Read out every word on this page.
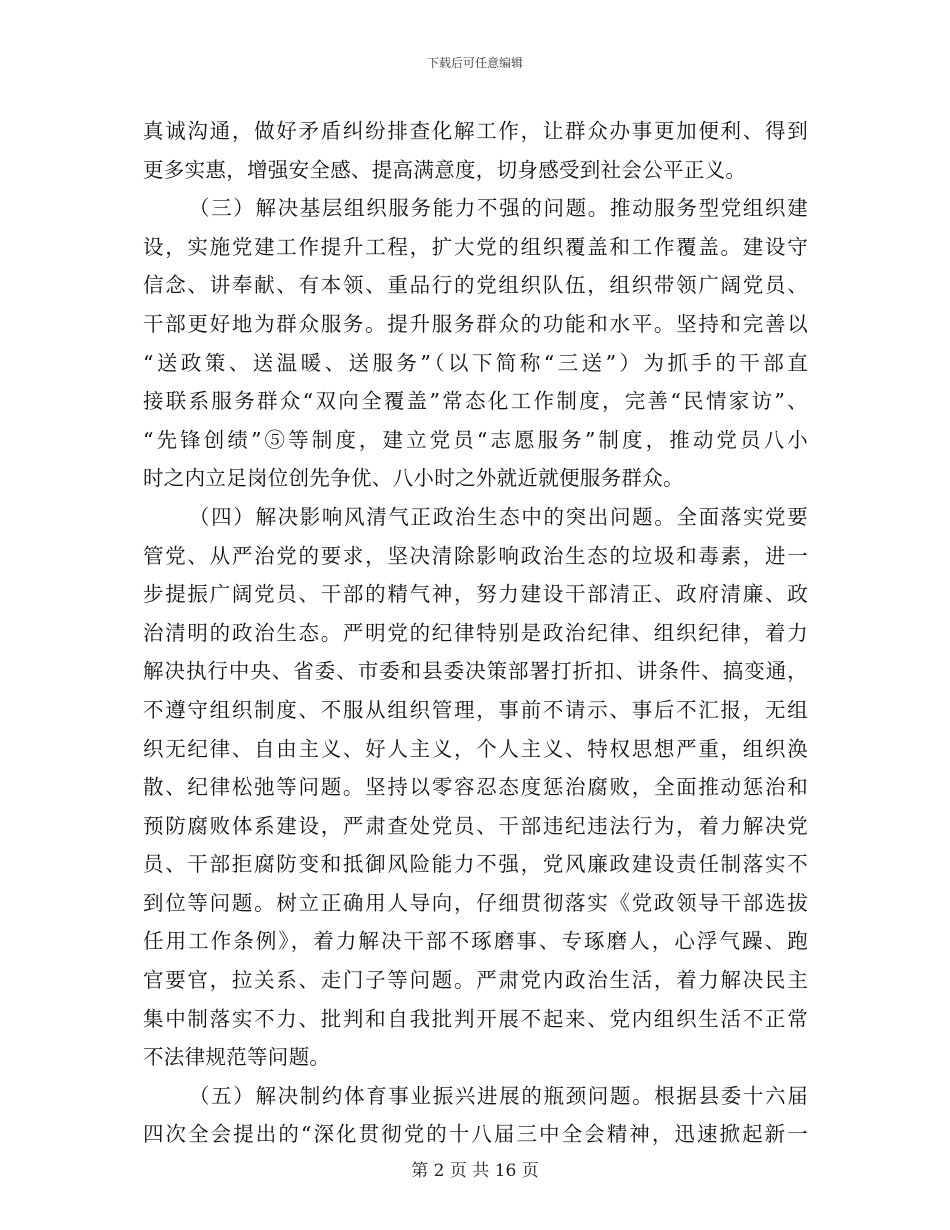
下载后可任意编辑
真诚沟通，做好矛盾纠纷排查化解工作，让群众办事更加便利、得到
更多实惠，增强安全感、提高满意度，切身感受到社会公平正义。
（三）解决基层组织服务能力不强的问题。推动服务型党组织建
设，实施党建工作提升工程，扩大党的组织覆盖和工作覆盖。建设守
信念、讲奉献、有本领、重品行的党组织队伍，组织带领广阔党员、
干部更好地为群众服务。提升服务群众的功能和水平。坚持和完善以
“送政策、送温暖、送服务”（以下简称“三送”）为抓手的干部直
接联系服务群众“双向全覆盖”常态化工作制度，完善“民情家访”、
“先锋创绩”⑤等制度，建立党员“志愿服务”制度，推动党员八小
时之内立足岗位创先争优、八小时之外就近就便服务群众。
（四）解决影响风清气正政治生态中的突出问题。全面落实党要
管党、从严治党的要求，坚决清除影响政治生态的垃圾和毒素，进一
步提振广阔党员、干部的精气神，努力建设干部清正、政府清廉、政
治清明的政治生态。严明党的纪律特别是政治纪律、组织纪律，着力
解决执行中央、省委、市委和县委决策部署打折扣、讲条件、搞变通，
不遵守组织制度、不服从组织管理，事前不请示、事后不汇报，无组
织无纪律、自由主义、好人主义，个人主义、特权思想严重，组织涣
散、纪律松弛等问题。坚持以零容忍态度惩治腐败，全面推动惩治和
预防腐败体系建设，严肃查处党员、干部违纪违法行为，着力解决党
员、干部拒腐防变和抵御风险能力不强，党风廉政建设责任制落实不
到位等问题。树立正确用人导向，仔细贯彻落实《党政领导干部选拔
任用工作条例》，着力解决干部不琢磨事、专琢磨人，心浮气躁、跑
官要官，拉关系、走门子等问题。严肃党内政治生活，着力解决民主
集中制落实不力、批判和自我批判开展不起来、党内组织生活不正常
不法律规范等问题。
（五）解决制约体育事业振兴进展的瓶颈问题。根据县委十六届
四次全会提出的“深化贯彻党的十八届三中全会精神，迅速掀起新一
第 2 页 共 16 页
